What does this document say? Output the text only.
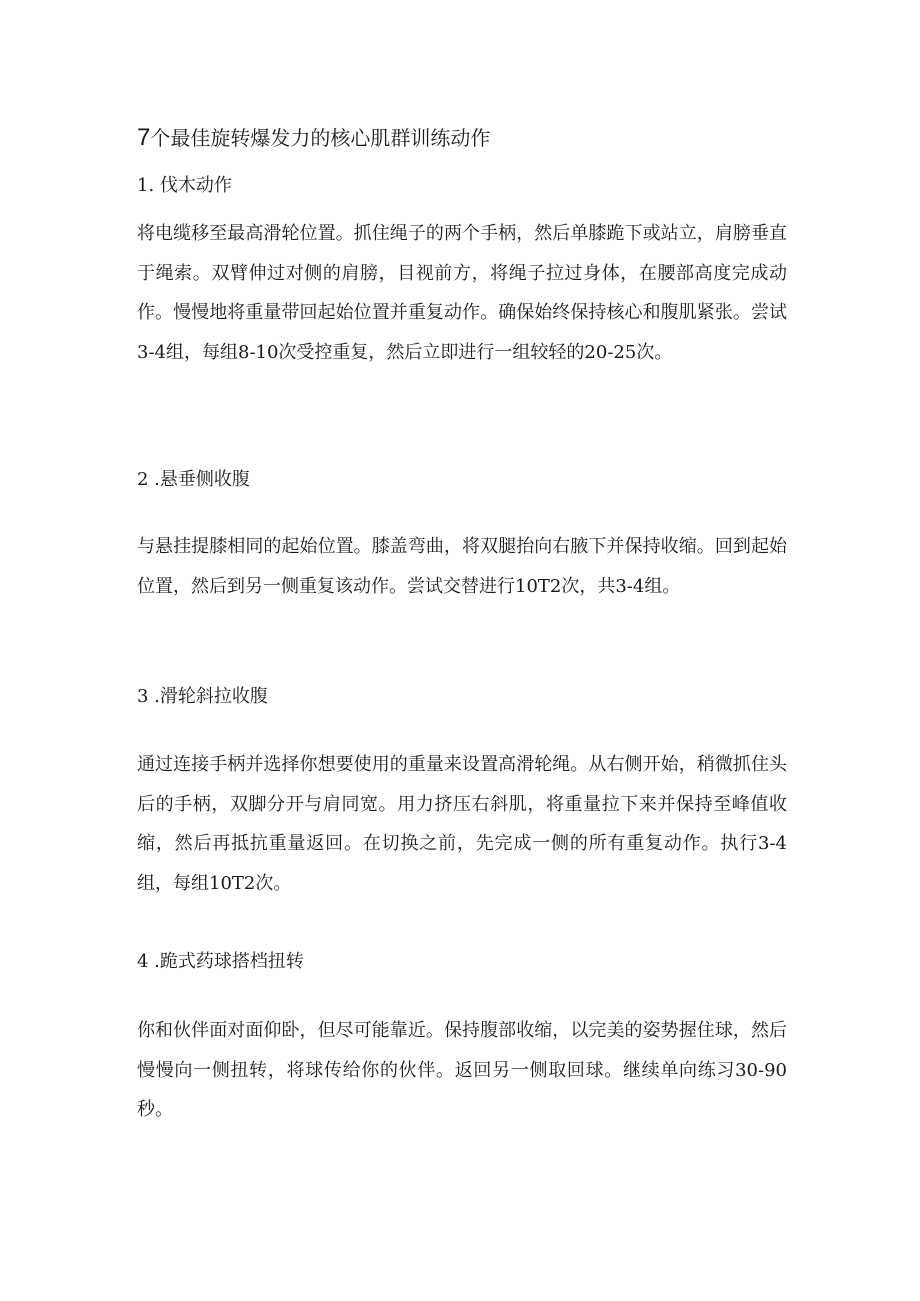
7个最佳旋转爆发力的核心肌群训练动作
1. 伐木动作
将电缆移至最高滑轮位置。抓住绳子的两个手柄，然后单膝跪下或站立，肩膀垂直于绳索。双臂伸过对侧的肩膀，目视前方，将绳子拉过身体，在腰部高度完成动作。慢慢地将重量带回起始位置并重复动作。确保始终保持核心和腹肌紧张。尝试3-4组，每组8-10次受控重复，然后立即进行一组较轻的20-25次。
2 .悬垂侧收腹
与悬挂提膝相同的起始位置。膝盖弯曲，将双腿抬向右腋下并保持收缩。回到起始位置，然后到另一侧重复该动作。尝试交替进行10T2次，共3-4组。
3 .滑轮斜拉收腹
通过连接手柄并选择你想要使用的重量来设置高滑轮绳。从右侧开始，稍微抓住头后的手柄，双脚分开与肩同宽。用力挤压右斜肌，将重量拉下来并保持至峰值收缩，然后再抵抗重量返回。在切换之前，先完成一侧的所有重复动作。执行3-4组，每组10T2次。
4 .跪式药球搭档扭转
你和伙伴面对面仰卧，但尽可能靠近。保持腹部收缩，以完美的姿势握住球，然后慢慢向一侧扭转，将球传给你的伙伴。返回另一侧取回球。继续单向练习30-90秒。
